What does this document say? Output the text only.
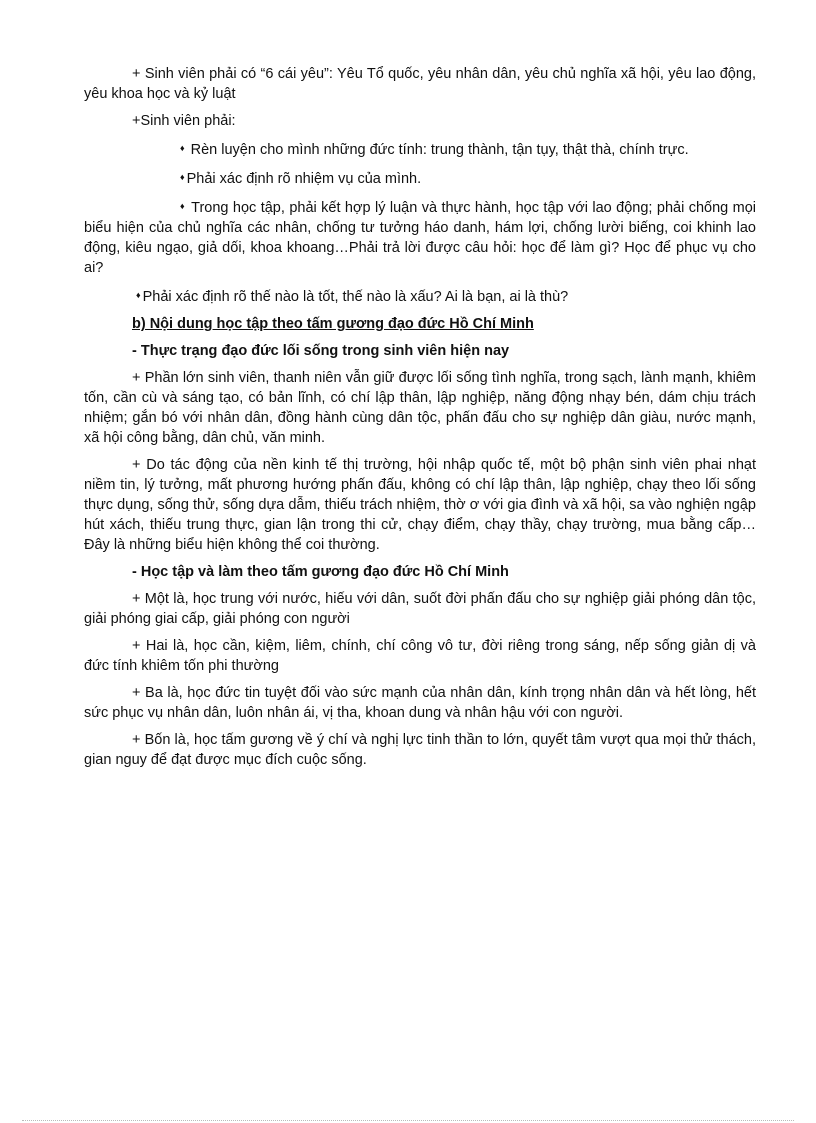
+ Sinh viên phải có “6 cái yêu”: Yêu Tổ quốc, yêu nhân dân, yêu chủ nghĩa xã hội, yêu lao động, yêu khoa học và kỷ luật

+Sinh viên phải:

♦ Rèn luyện cho mình những đức tính: trung thành, tận tụy, thật thà, chính trực.

♦ Phải xác định rõ nhiệm vụ của mình.

♦ Trong học tập, phải kết hợp lý luận và thực hành, học tập với lao động; phải chống mọi biểu hiện của chủ nghĩa các nhân, chống tư tưởng háo danh, hám lợi, chống lười biếng, coi khinh lao động, kiêu ngạo, giả dối, khoa khoang…Phải trả lời được câu hỏi: học để làm gì? Học để phục vụ cho ai?

♦ Phải xác định rõ thế nào là tốt, thế nào là xấu? Ai là bạn, ai là thù?

b) Nội dung học tập theo tấm gương đạo đức Hồ Chí Minh

- Thực trạng đạo đức lối sống trong sinh viên hiện nay

+ Phần lớn sinh viên, thanh niên vẫn giữ được lối sống tình nghĩa, trong sạch, lành mạnh, khiêm tốn, cần cù và sáng tạo, có bản lĩnh, có chí lập thân, lập nghiệp, năng động nhạy bén, dám chịu trách nhiệm; gắn bó với nhân dân, đồng hành cùng dân tộc, phấn đấu cho sự nghiệp dân giàu, nước mạnh, xã hội công bằng, dân chủ, văn minh.

+ Do tác động của nền kinh tế thị trường, hội nhập quốc tế, một bộ phận sinh viên phai nhạt niềm tin, lý tưởng, mất phương hướng phấn đấu, không có chí lập thân, lập nghiệp, chạy theo lối sống thực dụng, sống thử, sống dựa dẫm, thiếu trách nhiệm, thờ ơ với gia đình và xã hội, sa vào nghiện ngập hút xách, thiếu trung thực, gian lận trong thi cử, chạy điểm, chạy thầy, chạy trường, mua bằng cấp… Đây là những biểu hiện không thể coi thường.

- Học tập và làm theo tấm gương đạo đức Hồ Chí Minh

+ Một là, học trung với nước, hiếu với dân, suốt đời phấn đấu cho sự nghiệp giải phóng dân tộc, giải phóng giai cấp, giải phóng con người

+ Hai là, học cần, kiệm, liêm, chính, chí công vô tư, đời riêng trong sáng, nếp sống giản dị và đức tính khiêm tốn phi thường

+ Ba là, học đức tin tuyệt đối vào sức mạnh của nhân dân, kính trọng nhân dân và hết lòng, hết sức phục vụ nhân dân, luôn nhân ái, vị tha, khoan dung và nhân hậu với con người.

+ Bốn là, học tấm gương về ý chí và nghị lực tinh thần to lớn, quyết tâm vượt qua mọi thử thách, gian nguy để đạt được mục đích cuộc sống.
